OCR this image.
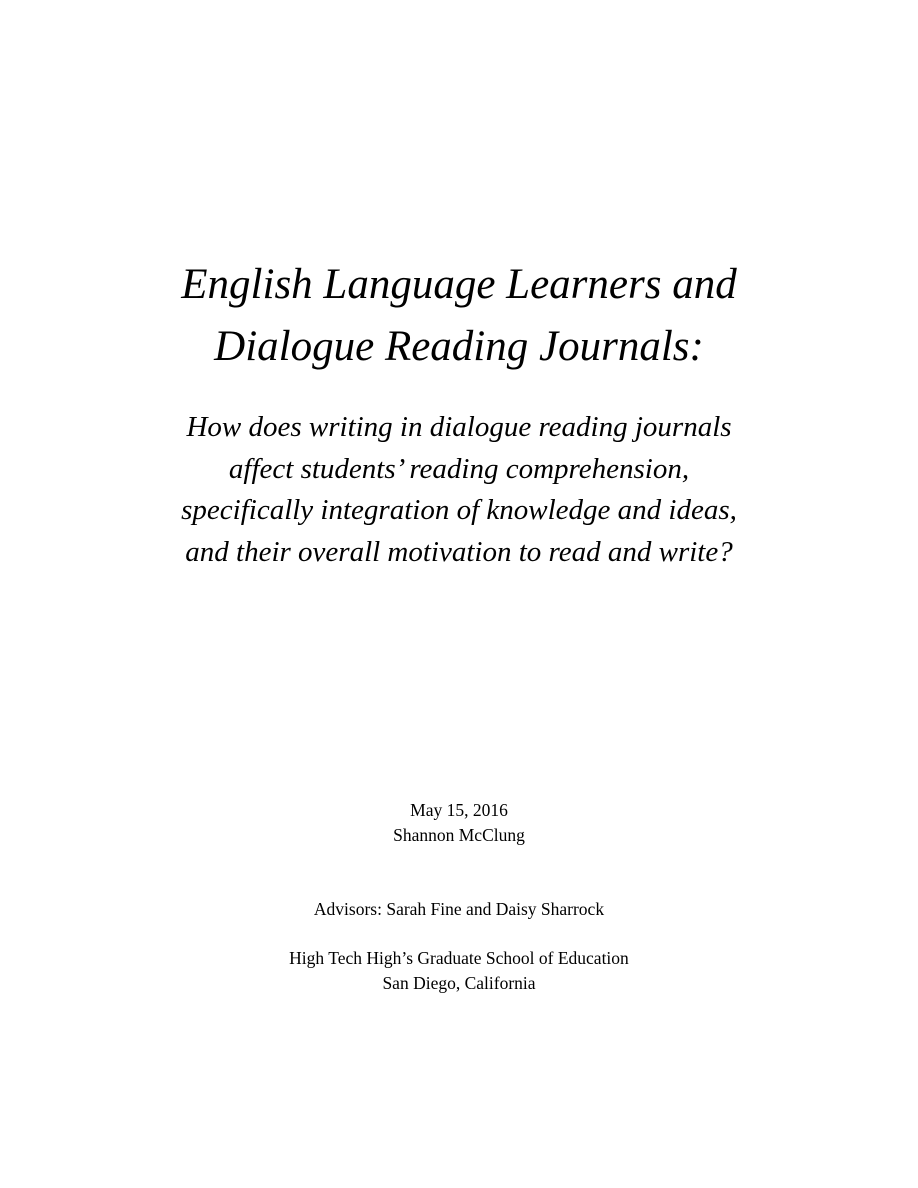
English Language Learners and
Dialogue Reading Journals:
How does writing in dialogue reading journals
affect students’ reading comprehension,
specifically integration of knowledge and ideas,
and their overall motivation to read and write?
May 15, 2016
Shannon McClung
Advisors: Sarah Fine and Daisy Sharrock
High Tech High’s Graduate School of Education
San Diego, California
